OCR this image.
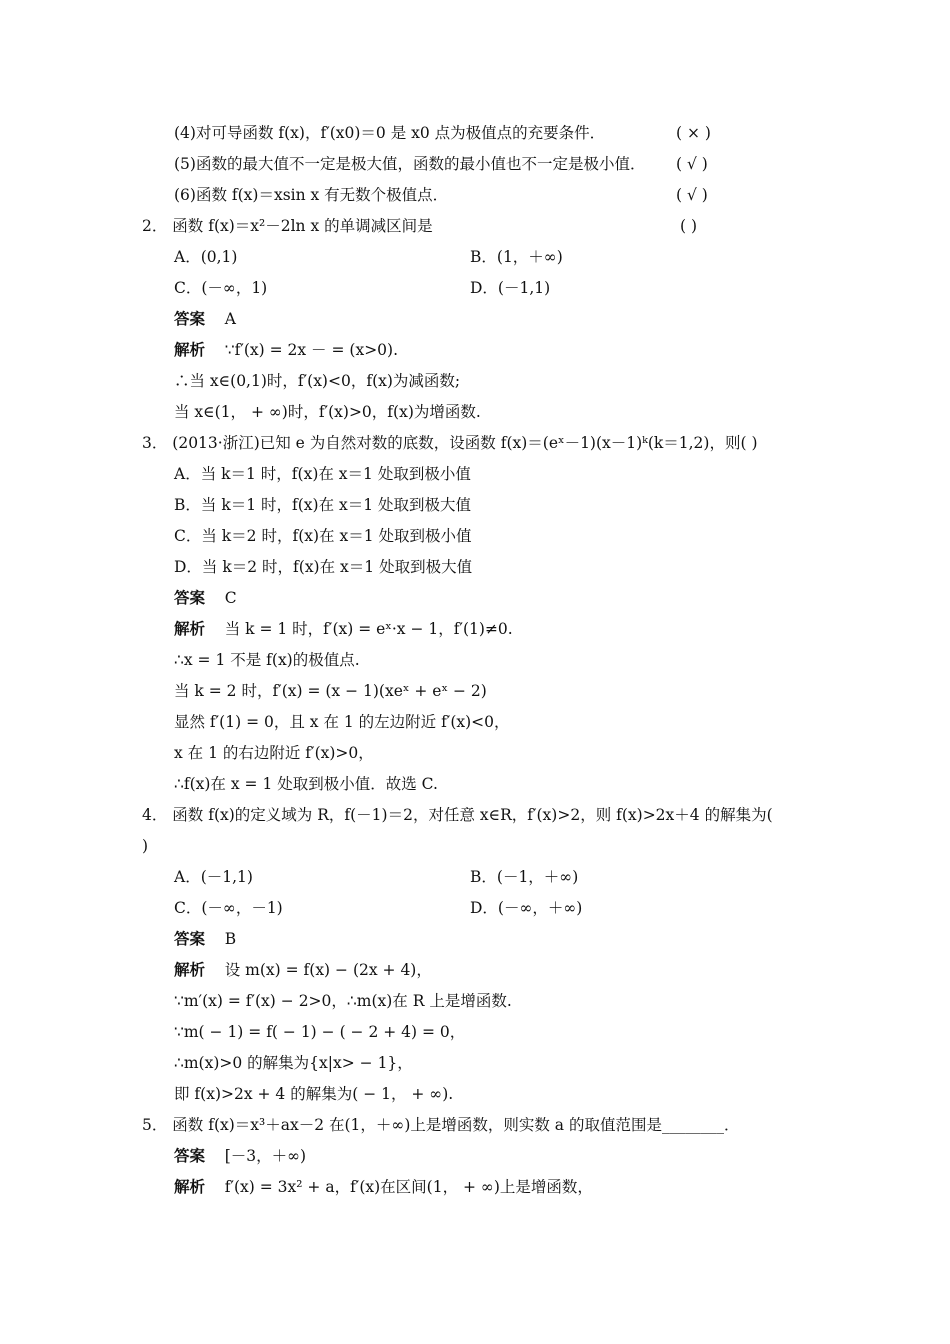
(4)对可导函数 f(x)，f′(x0)＝0 是 x0 点为极值点的充要条件．	( × )
(5)函数的最大值不一定是极大值，函数的最小值也不一定是极小值． ( √ )
(6)函数 f(x)＝xsin x 有无数个极值点．	( √ )
2． 函数 f(x)＝x²－2ln x 的单调减区间是	( )
A．(0,1)	B．(1，＋∞)
C．(－∞，1)	D．(－1,1)
答案 A
解析 ∵f′(x) = 2x － = (x>0).
∴当 x∈(0,1)时，f′(x)<0，f(x)为减函数;
当 x∈(1， + ∞)时，f′(x)>0，f(x)为增函数.
3． (2013·浙江)已知 e 为自然对数的底数，设函数 f(x)＝(eˣ－1)(x－1)ᵏ(k＝1,2)，则( )
A．当 k＝1 时，f(x)在 x＝1 处取到极小值
B．当 k＝1 时，f(x)在 x＝1 处取到极大值
C．当 k＝2 时，f(x)在 x＝1 处取到极小值
D．当 k＝2 时，f(x)在 x＝1 处取到极大值
答案 C
解析 当 k = 1 时，f′(x) = eˣ·x − 1，f′(1)≠0.
∴x = 1 不是 f(x)的极值点.
当 k = 2 时，f′(x) = (x − 1)(xeˣ + eˣ − 2)
显然 f′(1) = 0，且 x 在 1 的左边附近 f′(x)<0，
x 在 1 的右边附近 f′(x)>0，
∴f(x)在 x = 1 处取到极小值．故选 C.
4． 函数 f(x)的定义域为 R，f(－1)＝2，对任意 x∈R，f′(x)>2，则 f(x)>2x＋4 的解集为(
)
A．(－1,1)	B．(－1，＋∞)
C．(－∞，－1)	D．(－∞，＋∞)
答案 B
解析 设 m(x) = f(x) − (2x + 4)，
∵m′(x) = f′(x) − 2>0，∴m(x)在 R 上是增函数.
∵m( − 1) = f( − 1) − ( − 2 + 4) = 0，
∴m(x)>0 的解集为{x|x> − 1}，
即 f(x)>2x + 4 的解集为( − 1， + ∞).
5． 函数 f(x)＝x³＋ax－2 在(1，＋∞)上是增函数，则实数 a 的取值范围是________．
答案 [－3，＋∞)
解析 f′(x) = 3x² + a，f′(x)在区间(1， + ∞)上是增函数，
